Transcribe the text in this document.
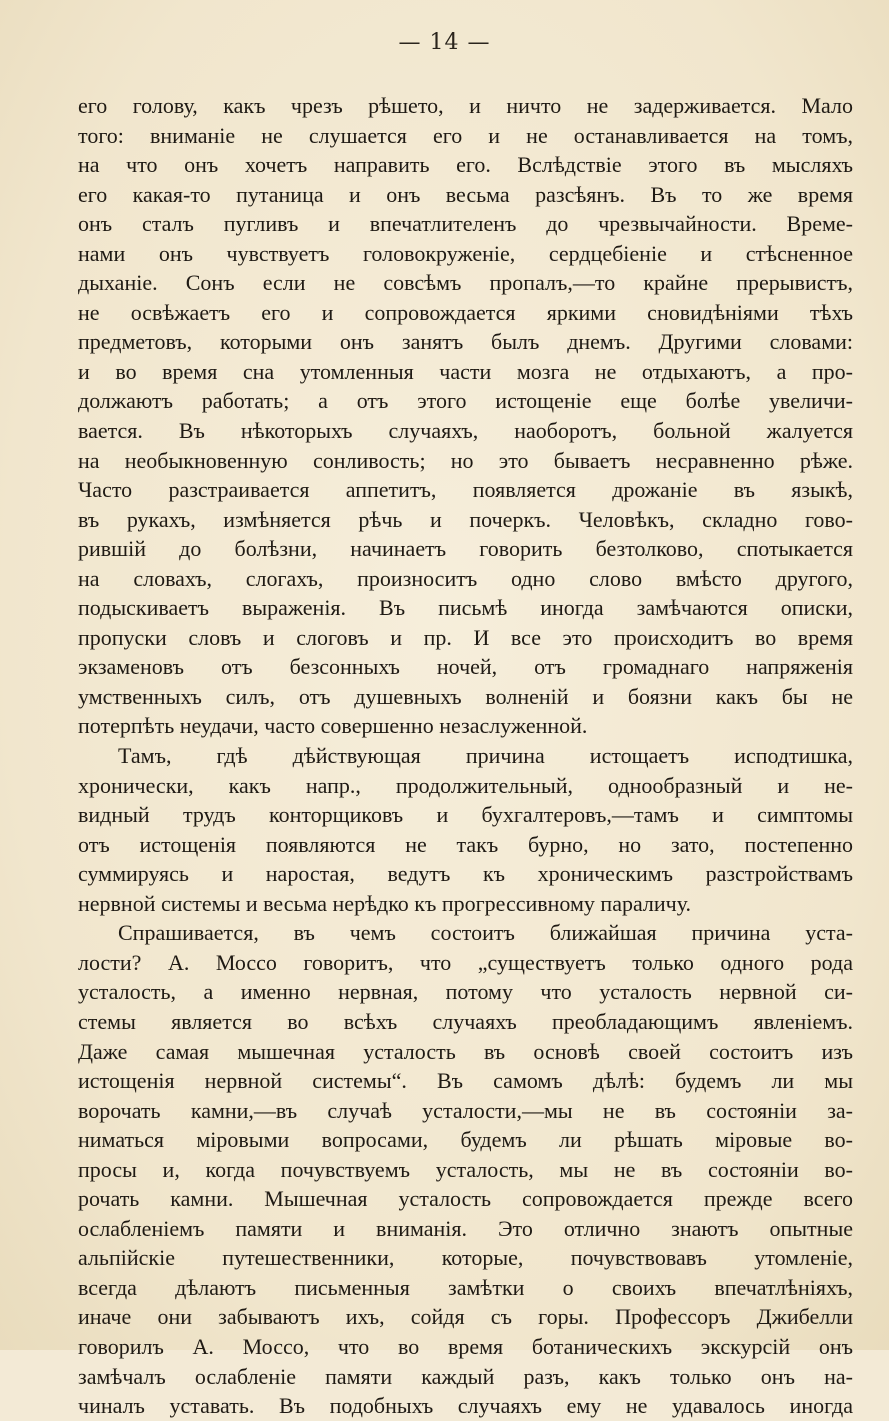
— 14 —
его голову, какъ чрезъ рѣшето, и ничто не задерживается. Мало
того: вниманіе не слушается его и не останавливается на томъ,
на что онъ хочетъ направить его. Вслѣдствіе этого въ мысляхъ
его какая-то путаница и онъ весьма разсѣянъ. Въ то же время
онъ сталъ пугливъ и впечатлителенъ до чрезвычайности. Време-
нами онъ чувствуетъ головокруженіе, сердцебіеніе и стѣсненное
дыханіе. Сонъ если не совсѣмъ пропалъ,—то крайне прерывистъ,
не освѣжаетъ его и сопровождается яркими сновидѣніями тѣхъ
предметовъ, которыми онъ занятъ былъ днемъ. Другими словами:
и во время сна утомленныя части мозга не отдыхаютъ, а про-
должаютъ работать; а отъ этого истощеніе еще болѣе увеличи-
вается. Въ нѣкоторыхъ случаяхъ, наоборотъ, больной жалуется
на необыкновенную сонливость; но это бываетъ несравненно рѣже.
Часто разстраивается аппетитъ, появляется дрожаніе въ языкѣ,
въ рукахъ, измѣняется рѣчь и почеркъ. Человѣкъ, складно гово-
рившій до болѣзни, начинаетъ говорить безтолково, спотыкается
на словахъ, слогахъ, произноситъ одно слово вмѣсто другого,
подыскиваетъ выраженія. Въ письмѣ иногда замѣчаются описки,
пропуски словъ и слоговъ и пр. И все это происходитъ во время
экзаменовъ отъ безсонныхъ ночей, отъ громаднаго напряженія
умственныхъ силъ, отъ душевныхъ волненій и боязни какъ бы не
потерпѣть неудачи, часто совершенно незаслуженной.
Тамъ, гдѣ дѣйствующая причина истощаетъ исподтишка,
хронически, какъ напр., продолжительный, однообразный и не-
видный трудъ конторщиковъ и бухгалтеровъ,—тамъ и симптомы
отъ истощенія появляются не такъ бурно, но зато, постепенно
суммируясь и наростая, ведутъ къ хроническимъ разстройствамъ
нервной системы и весьма нерѣдко къ прогрессивному параличу.
Спрашивается, въ чемъ состоитъ ближайшая причина уста-
лости? А. Моссо говоритъ, что „существуетъ только одного рода
усталость, а именно нервная, потому что усталость нервной си-
стемы является во всѣхъ случаяхъ преобладающимъ явленіемъ.
Даже самая мышечная усталость въ основѣ своей состоитъ изъ
истощенія нервной системы“. Въ самомъ дѣлѣ: будемъ ли мы
ворочать камни,—въ случаѣ усталости,—мы не въ состояніи за-
ниматься міровыми вопросами, будемъ ли рѣшать міровые во-
просы и, когда почувствуемъ усталость, мы не въ состояніи во-
рочать камни. Мышечная усталость сопровождается прежде всего
ослабленіемъ памяти и вниманія. Это отлично знаютъ опытные
альпійскіе путешественники, которые, почувствовавъ утомленіе,
всегда дѣлаютъ письменныя замѣтки о своихъ впечатлѣніяхъ,
иначе они забываютъ ихъ, сойдя съ горы. Профессоръ Джибелли
говорилъ А. Моссо, что во время ботаническихъ экскурсій онъ
замѣчалъ ослабленіе памяти каждый разъ, какъ только онъ на-
чиналъ уставать. Въ подобныхъ случаяхъ ему не удавалось иногда
